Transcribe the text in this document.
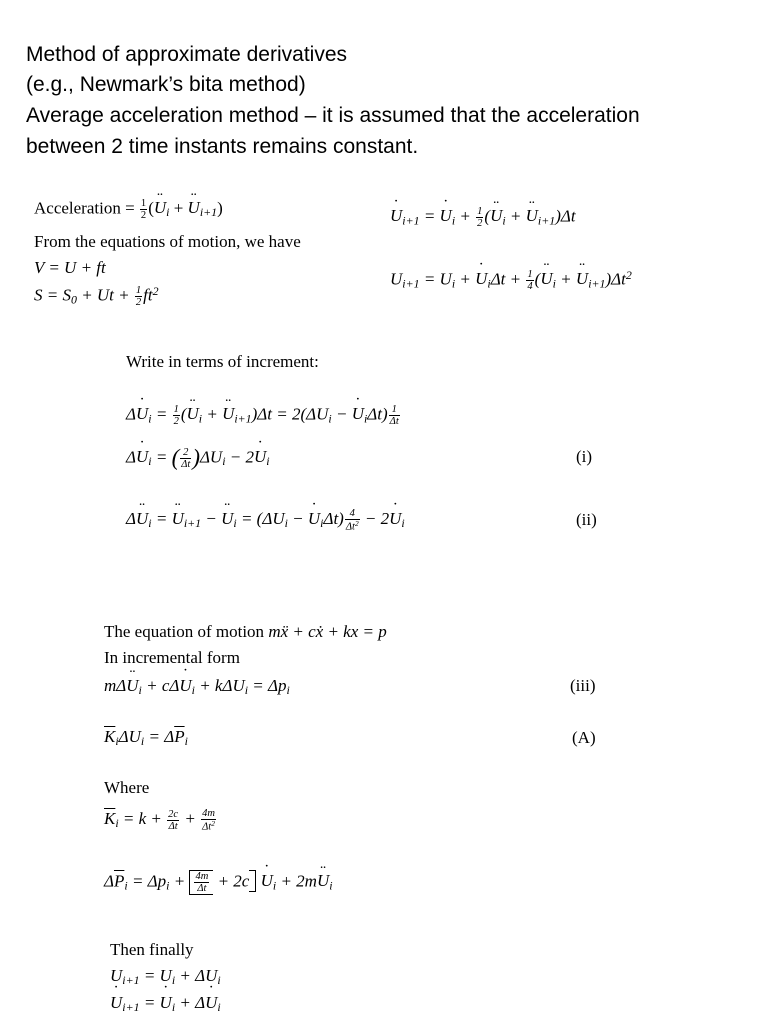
Method of approximate derivatives
(e.g., Newmark’s bita method)
Average acceleration method – it is assumed that the acceleration
between 2 time instants remains constant.
Acceleration = $\frac{1}{2}$ (¨ $U_i$ + ¨ $U_{i+1}$)
From the equations of motion, we have
V = U + ft
$S = S_0 + Ut + \frac{1}{2} ft^2$
˙ $U_{i+1}$ = ˙ $U_i + \frac{1}{2}$ (¨ $U_i$ + ¨ $U_{i+1})\Delta t$
$U_{i+1} = U_i$ + ˙ $U_i\Delta t + \frac{1}{4}$ (¨ $U_i$ + ¨ $U_{i+1})\Delta t^2$
Write in terms of increment:
Δ˙ $U_i = \frac{1}{2}$ (¨ $U_i$ + ¨ $U_{i+1})\Delta t = 2(\Delta U_i$ − ˙ $U_i\Delta t) \frac{1}{\Delta t}$
Δ˙ $U_i$ = ( $\frac{2}{\Delta t} )\Delta U_i$ − 2˙ $U_i$	(i)
Δ¨ $U_i$ = ¨ $U_{i+1}$ − ¨ $U_i = (\Delta U_i$ − ˙ $U_i\Delta t) \frac{4}{\Delta t^2}$ − 2˙ $U_i$	(ii)
The equation of motion mẍ + cẋ + kx = p
In incremental form
mΔ¨ $U_i$ + cΔ˙ $U_i + k\Delta U_i = \Delta p_i$	(iii)
$\overline{K}_i\Delta U_i = \Delta\overline{P}_i$	(A)
Where
$\overline{K}_i = k + \frac{2c}{\Delta t} + \frac{4m}{\Delta t^2}$
$\Delta\overline{P}_i = \Delta p_i + \frac{4m}{\Delta t} + 2c$ ˙ $U_i$ + 2m¨ $U_i$
Then finally
$U_{i+1} = U_i + \Delta U_i$
˙ $U_{i+1}$ = ˙ $U_i$ + Δ˙ $U_i$
